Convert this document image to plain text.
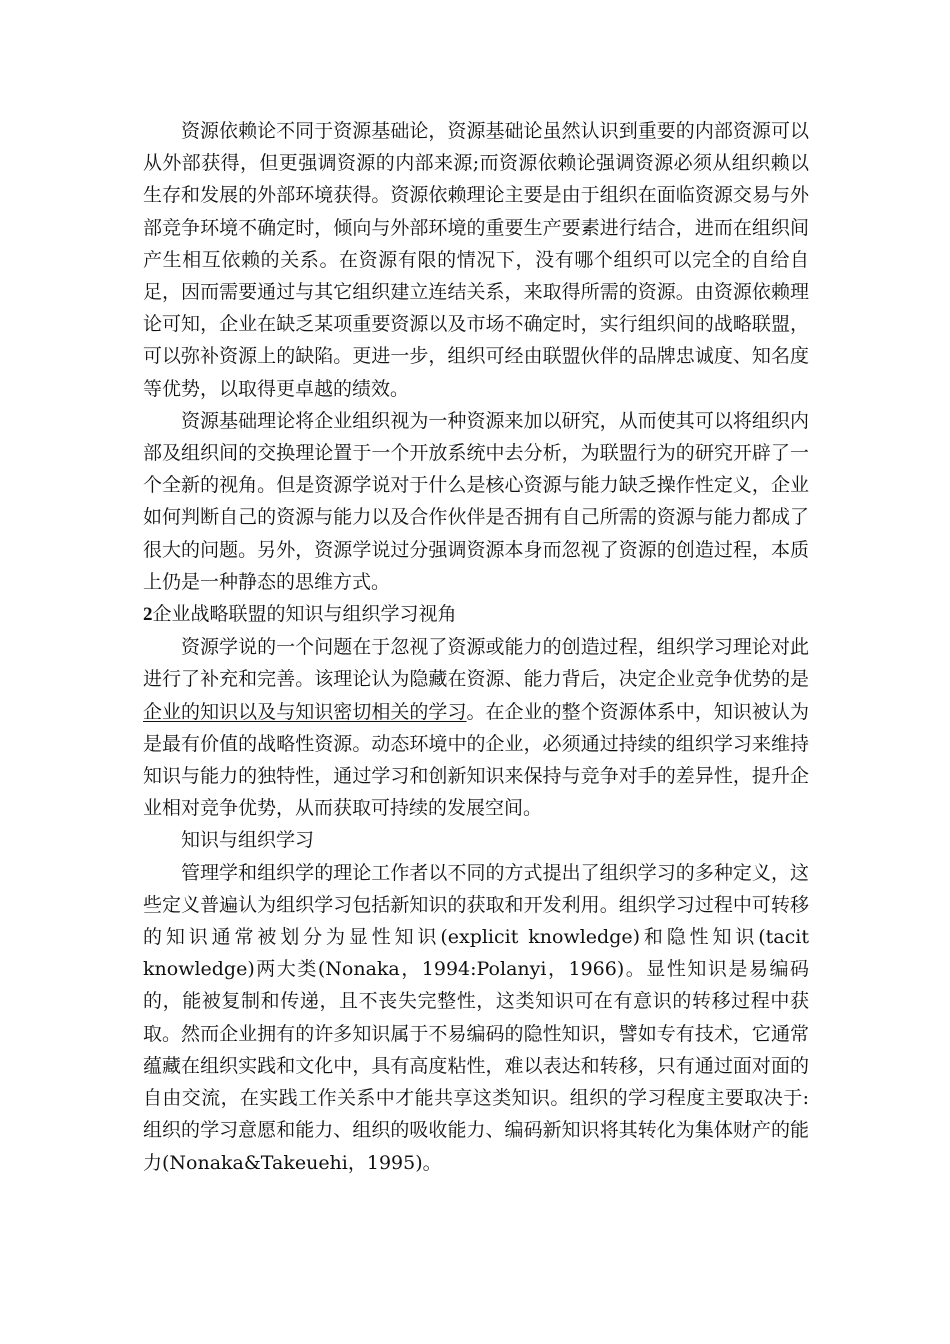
资源依赖论不同于资源基础论，资源基础论虽然认识到重要的内部资源可以从外部获得，但更强调资源的内部来源;而资源依赖论强调资源必须从组织赖以生存和发展的外部环境获得。资源依赖理论主要是由于组织在面临资源交易与外部竞争环境不确定时，倾向与外部环境的重要生产要素进行结合，进而在组织间产生相互依赖的关系。在资源有限的情况下，没有哪个组织可以完全的自给自足，因而需要通过与其它组织建立连结关系，来取得所需的资源。由资源依赖理论可知，企业在缺乏某项重要资源以及市场不确定时，实行组织间的战略联盟，可以弥补资源上的缺陷。更进一步，组织可经由联盟伙伴的品牌忠诚度、知名度等优势，以取得更卓越的绩效。

资源基础理论将企业组织视为一种资源来加以研究，从而使其可以将组织内部及组织间的交换理论置于一个开放系统中去分析，为联盟行为的研究开辟了一个全新的视角。但是资源学说对于什么是核心资源与能力缺乏操作性定义，企业如何判断自己的资源与能力以及合作伙伴是否拥有自己所需的资源与能力都成了很大的问题。另外，资源学说过分强调资源本身而忽视了资源的创造过程，本质上仍是一种静态的思维方式。

2企业战略联盟的知识与组织学习视角

资源学说的一个问题在于忽视了资源或能力的创造过程，组织学习理论对此进行了补充和完善。该理论认为隐藏在资源、能力背后，决定企业竞争优势的是企业的知识以及与知识密切相关的学习。在企业的整个资源体系中，知识被认为是最有价值的战略性资源。动态环境中的企业，必须通过持续的组织学习来维持知识与能力的独特性，通过学习和创新知识来保持与竞争对手的差异性，提升企业相对竞争优势，从而获取可持续的发展空间。

知识与组织学习

管理学和组织学的理论工作者以不同的方式提出了组织学习的多种定义，这些定义普遍认为组织学习包括新知识的获取和开发利用。组织学习过程中可转移的知识通常被划分为显性知识(explicit knowledge)和隐性知识(tacit knowledge)两大类(Nonaka，1994:Polanyi，1966)。显性知识是易编码的，能被复制和传递，且不丧失完整性，这类知识可在有意识的转移过程中获取。然而企业拥有的许多知识属于不易编码的隐性知识，譬如专有技术，它通常蕴藏在组织实践和文化中，具有高度粘性，难以表达和转移，只有通过面对面的自由交流，在实践工作关系中才能共享这类知识。组织的学习程度主要取决于:组织的学习意愿和能力、组织的吸收能力、编码新知识将其转化为集体财产的能力(Nonaka&Takeuehi，1995)。
